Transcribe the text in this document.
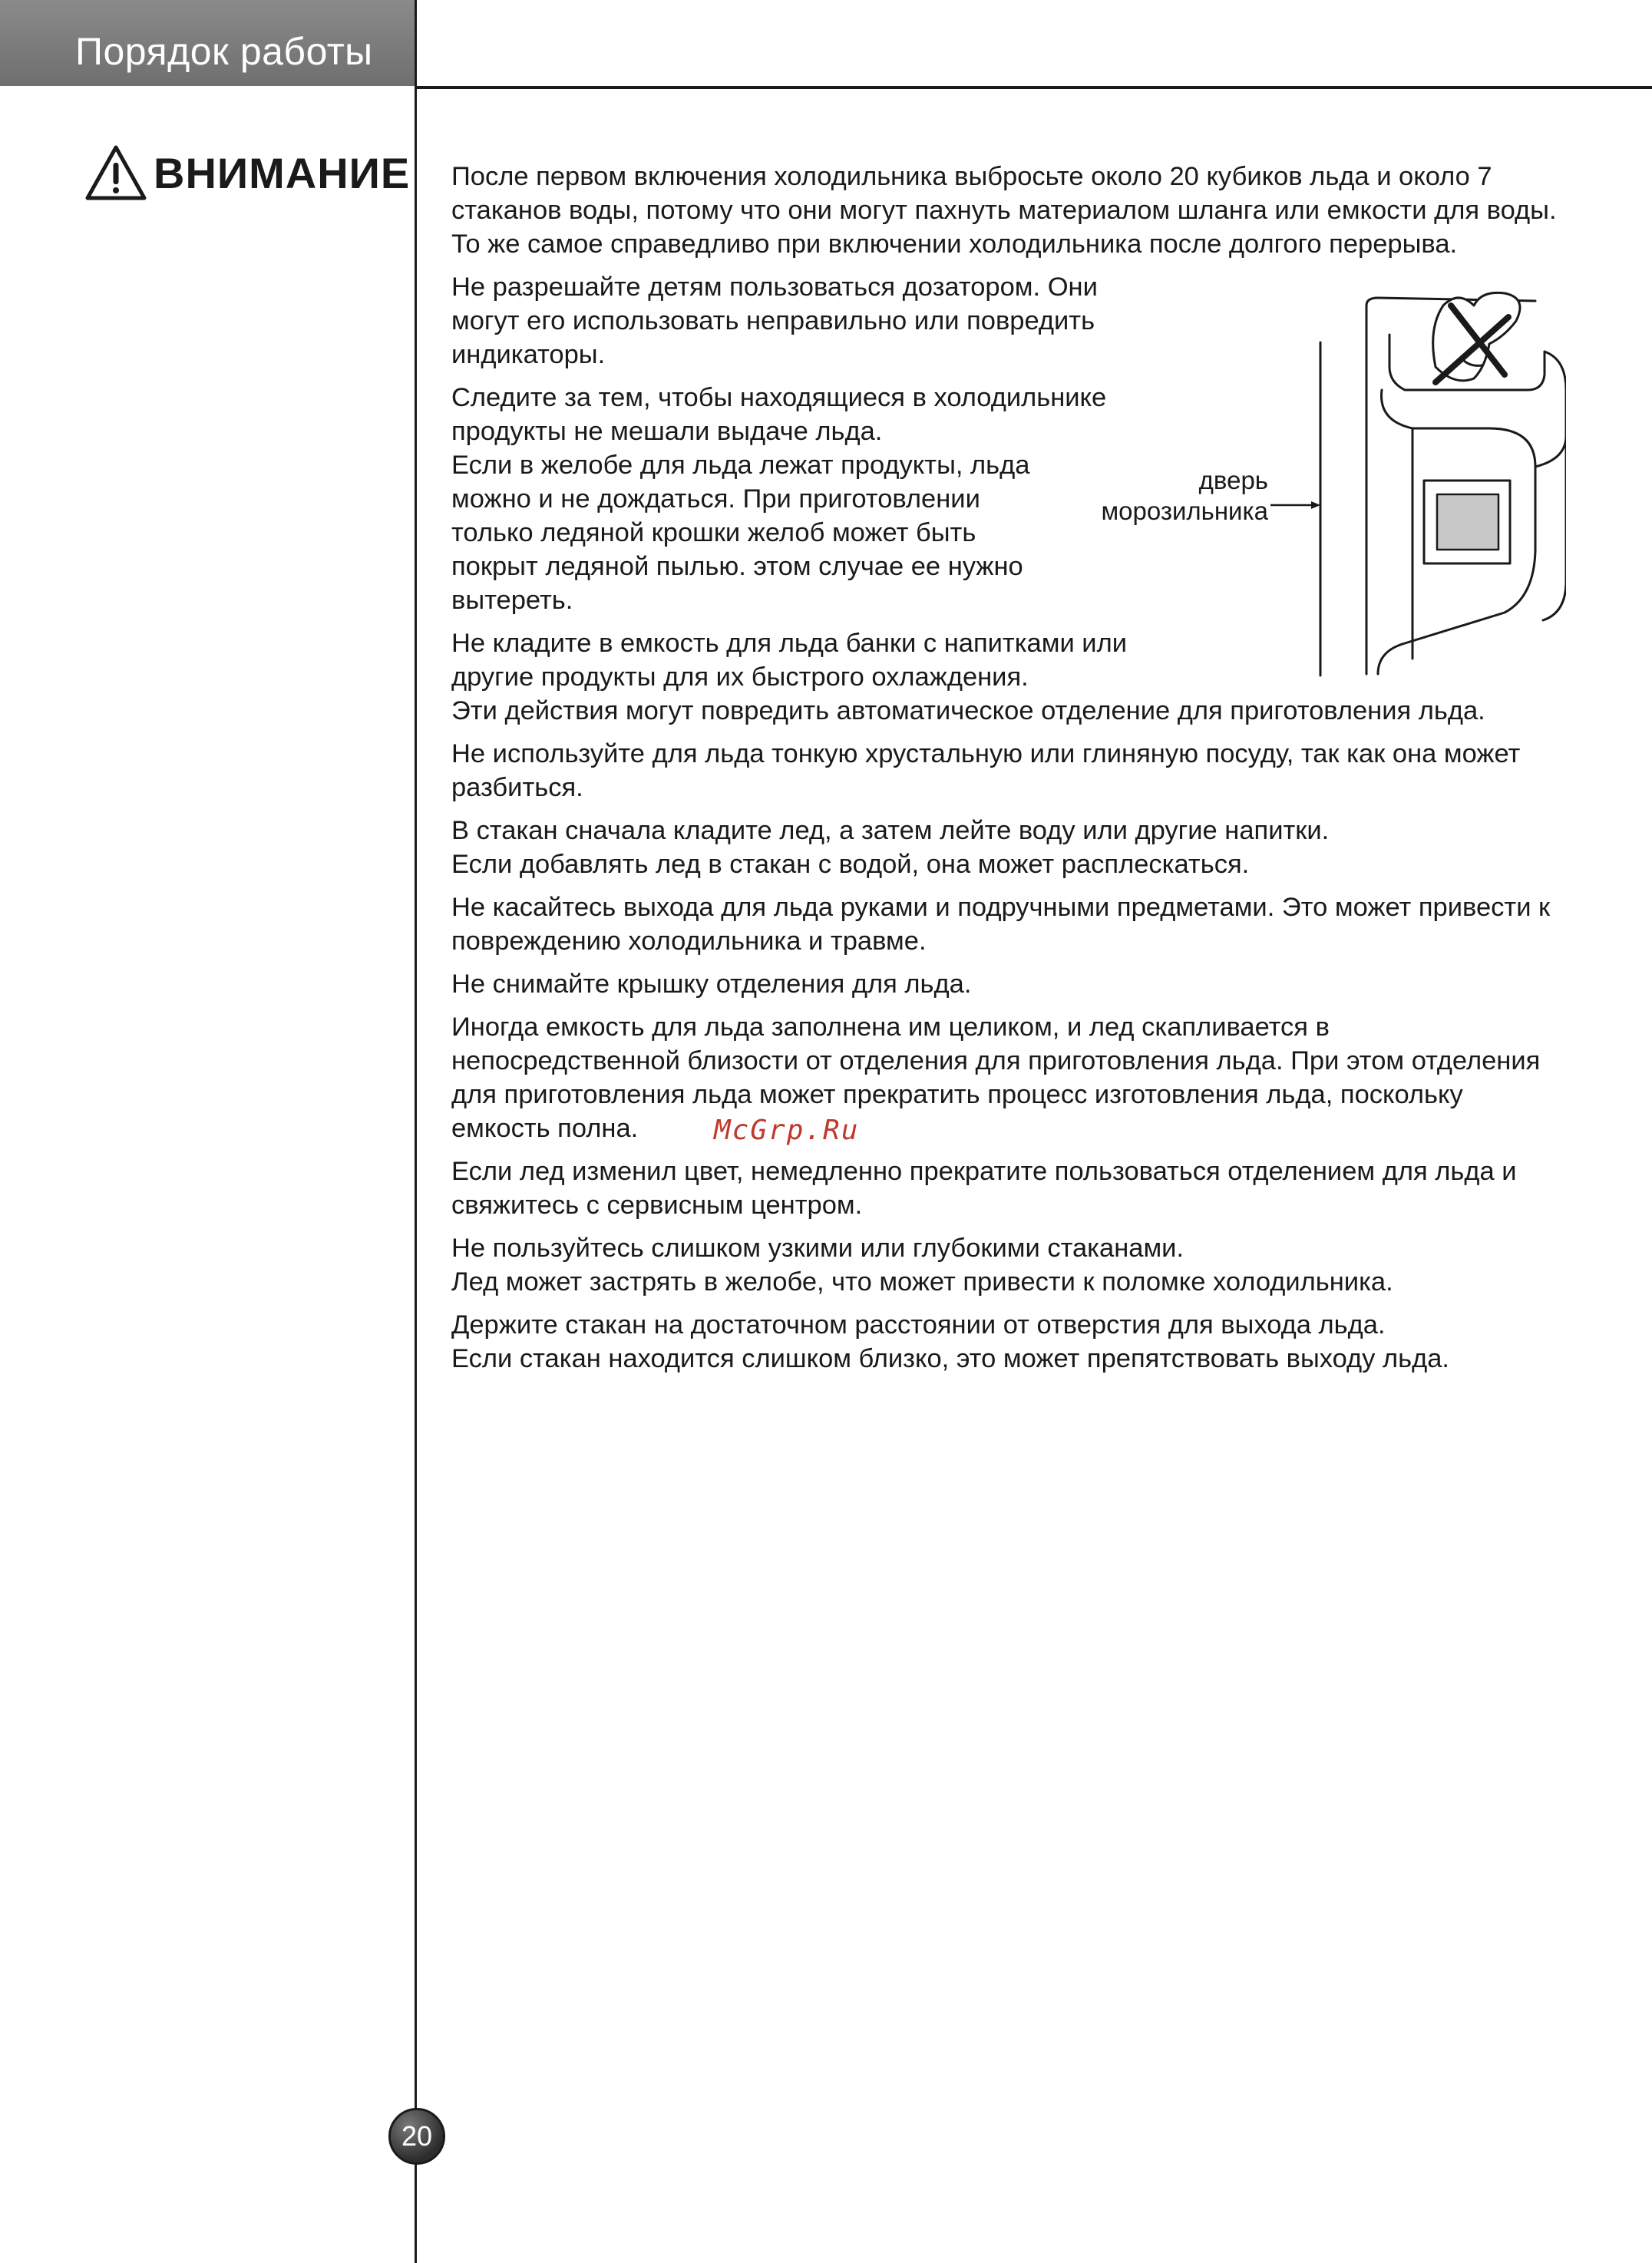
Порядок работы
ВНИМАНИЕ После первом включения холодильника выбросьте около 20 кубиков льда и около 7 стаканов воды, потому что они могут пахнуть материалом шланга или емкости для воды. То же самое справедливо при включении холодильника после долгого перерыва.

Не разрешайте детям пользоваться дозатором. Они могут его использовать неправильно или повредить индикаторы.

Следите за тем, чтобы находящиеся в холодильнике продукты не мешали выдаче льда.

Если в желобе для льда лежат продукты, льда можно и не дождаться. При приготовлении только ледяной крошки желоб может быть покрыт ледяной пылью. этом случае ее нужно вытереть.

Не кладите в емкость для льда банки с напитками или другие продукты для их быстрого охлаждения.

Эти действия могут повредить автоматическое отделение для приготовления льда.

Не используйте для льда тонкую хрустальную или глиняную посуду, так как она может разбиться.

В стакан сначала кладите лед, а затем лейте воду или другие напитки.

Если добавлять лед в стакан с водой, она может расплескаться.

Не касайтесь выхода для льда руками и подручными предметами. Это может привести к повреждению холодильника и травме.

Не снимайте крышку отделения для льда.

Иногда емкость для льда заполнена им целиком, и лед скапливается в непосредственной близости от отделения для приготовления льда. При этом отделения для приготовления льда может прекратить процесс изготовления льда, поскольку емкость полна.

Если лед изменил цвет, немедленно прекратите пользоваться отделением для льда и свяжитесь с сервисным центром.

Не пользуйтесь слишком узкими или глубокими стаканами.

Лед может застрять в желобе, что может привести к поломке холодильника.

Держите стакан на достаточном расстоянии от отверстия для выхода льда.

Если стакан находится слишком близко, это может препятствовать выходу льда.

дверь
морозильника
McGrp.Ru
20
